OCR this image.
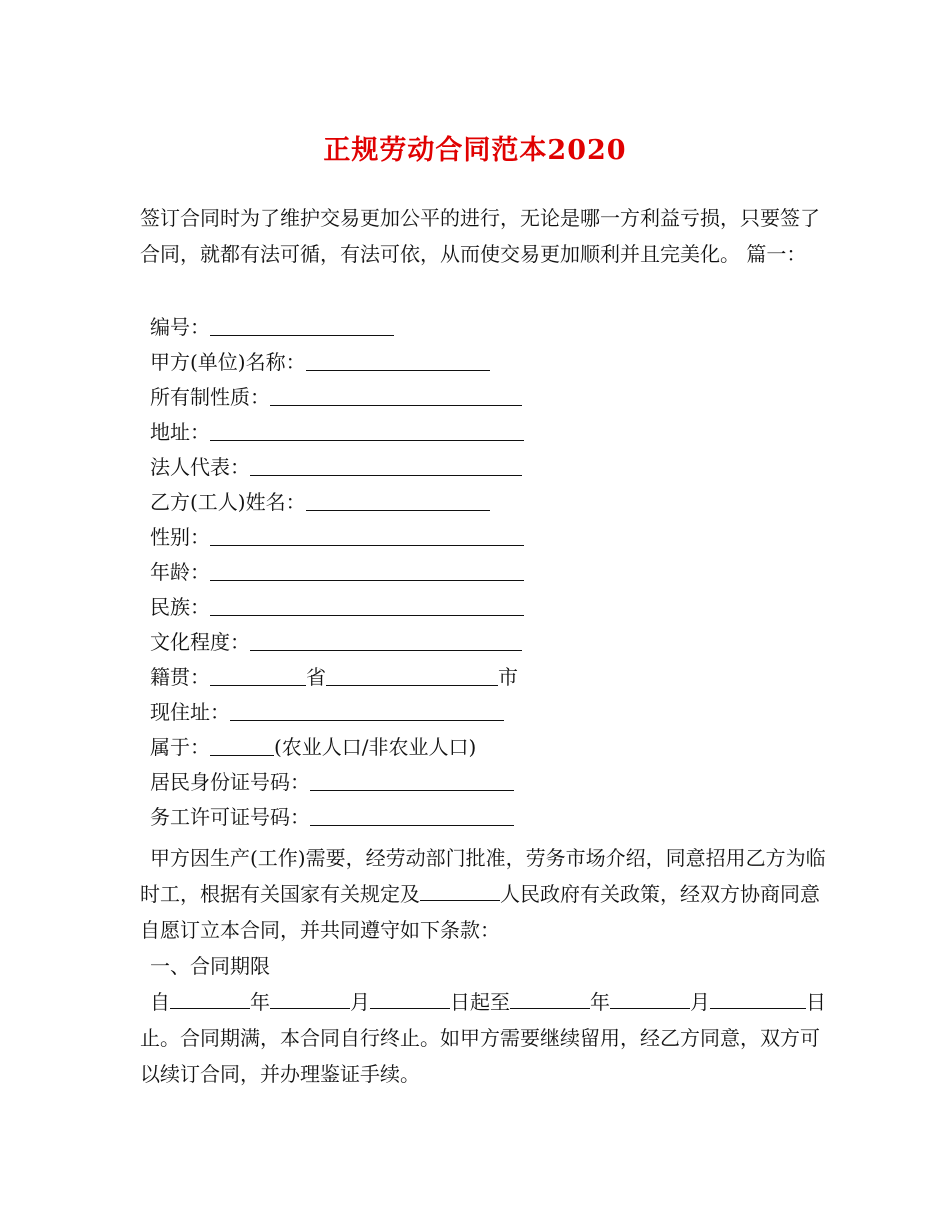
正规劳动合同范本2020
签订合同时为了维护交易更加公平的进行，无论是哪一方利益亏损，只要签了合同，就都有法可循，有法可依，从而使交易更加顺利并且完美化。 篇一：
编号：
甲方(单位)名称：
所有制性质：
地址：
法人代表：
乙方(工人)姓名：
性别：
年龄：
民族：
文化程度：
籍贯：	省	市
现住址：
属于：	(农业人口/非农业人口)
居民身份证号码：
务工许可证号码：
甲方因生产(工作)需要，经劳动部门批准，劳务市场介绍，同意招用乙方为临时工，根据有关国家有关规定及	人民政府有关政策，经双方协商同意自愿订立本合同，并共同遵守如下条款：
一、合同期限
自	年	月	日起至	年	月	日止。合同期满，本合同自行终止。如甲方需要继续留用，经乙方同意，双方可以续订合同，并办理鉴证手续。
